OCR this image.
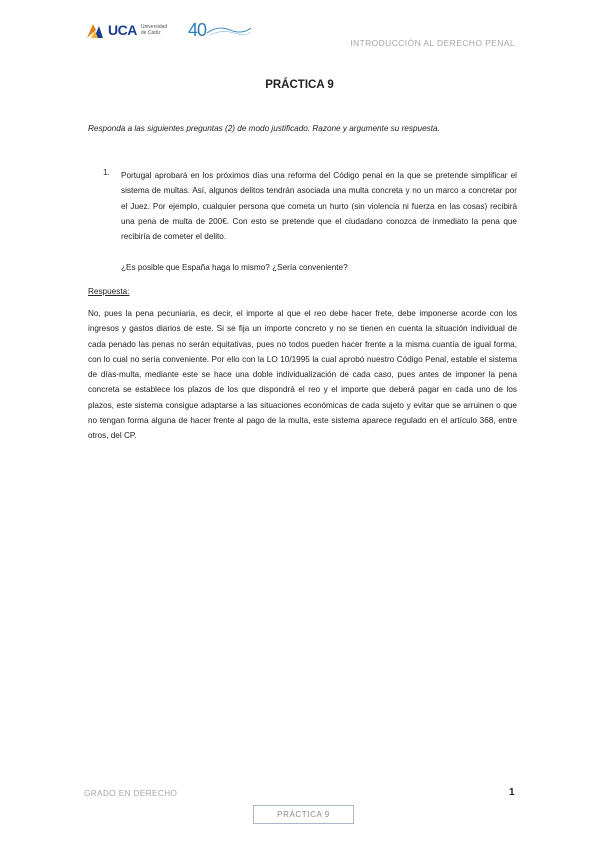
UCA Universidad
de Cádiz	40
INTRODUCCIÓN AL DERECHO PENAL
PRÁCTICA 9
Responda a las siguientes preguntas (2) de modo justificado. Razone y argumente su respuesta.
1. Portugal aprobará en los próximos días una reforma del Código penal en la que se pretende simplificar el sistema de multas. Así, algunos delitos tendrán asociada una multa concreta y no un marco a concretar por el Juez. Por ejemplo, cualquier persona que cometa un hurto (sin violencia ni fuerza en las cosas) recibirá una pena de multa de 200€. Con esto se pretende que el ciudadano conozca de inmediato la pena que recibiría de cometer el delito.
¿Es posible que España haga lo mismo? ¿Sería conveniente?
Respuesta:
No, pues la pena pecuniaria, es decir, el importe al que el reo debe hacer frete, debe imponerse acorde con los ingresos y gastos diarios de este. Si se fija un importe concreto y no se tienen en cuenta la situación individual de cada penado las penas no serán equitativas, pues no todos pueden hacer frente a la misma cuantía de igual forma, con lo cual no sería conveniente. Por ello con la LO 10/1995 la cual aprobó nuestro Código Penal, estable el sistema de días-multa, mediante este se hace una doble individualización de cada caso, pues antes de imponer la pena concreta se establece los plazos de los que dispondrá el reo y el importe que deberá pagar en cada uno de los plazos, este sistema consigue adaptarse a las situaciones económicas de cada sujeto y evitar que se arruinen o que no tengan forma alguna de hacer frente al pago de la multa, este sistema aparece regulado en el artículo 368, entre otros, del CP.
GRADO EN DERECHO	1
PRÁCTICA 9
